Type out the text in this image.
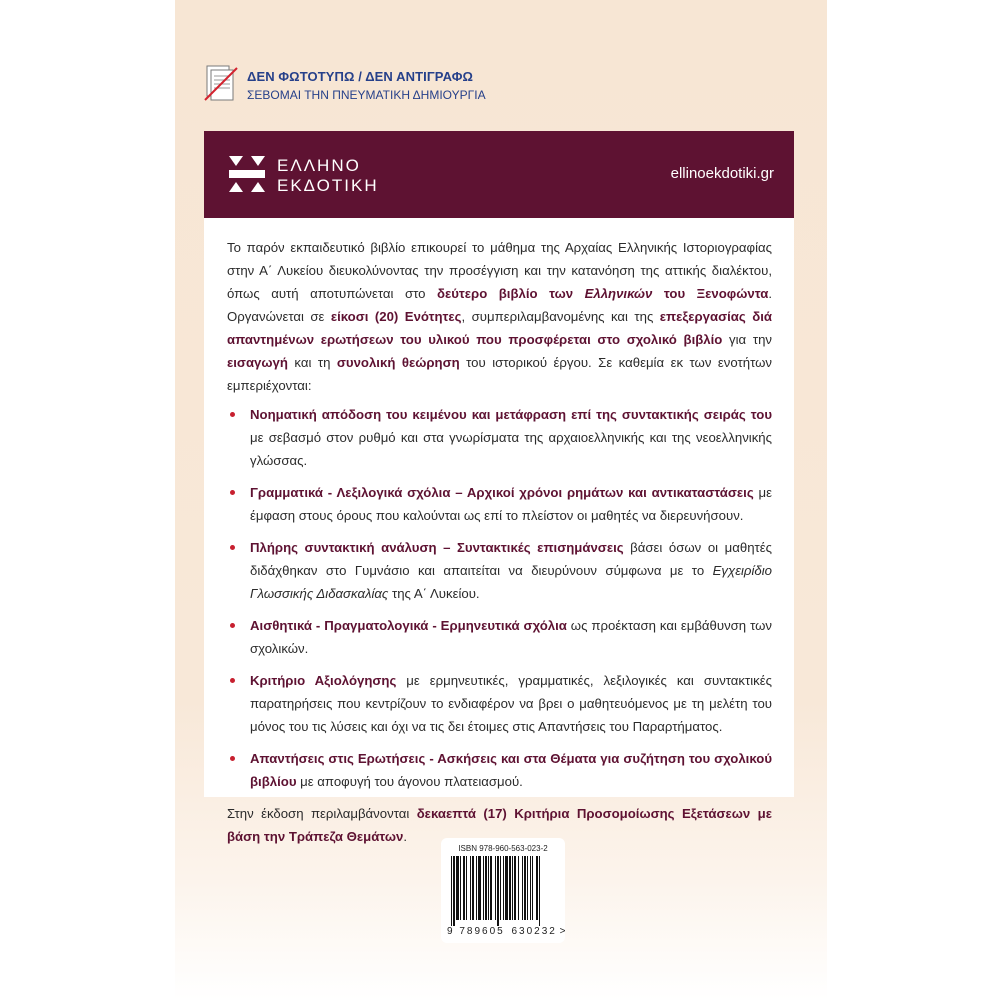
ΔΕΝ ΦΩΤΟΤΥΠΩ / ΔΕΝ ΑΝΤΙΓΡΑΦΩ
ΣΕΒΟΜΑΙ ΤΗΝ ΠΝΕΥΜΑΤΙΚΗ ΔΗΜΙΟΥΡΓΙΑ
ΕΛΛΗΝΟ
ΕΚΔΟΤΙΚΗ
ellinoekdotiki.gr

Το παρόν εκπαιδευτικό βιβλίο επικουρεί το μάθημα της Αρχαίας Ελληνικής Ιστοριογραφίας στην Α΄ Λυκείου διευκολύνοντας την προσέγγιση και την κατανόηση της αττικής διαλέκτου, όπως αυτή αποτυπώνεται στο δεύτερο βιβλίο των Ελληνικών του Ξενοφώντα. Οργανώνεται σε είκοσι (20) Ενότητες, συμπεριλαμβανομένης και της επεξεργασίας διά απαντημένων ερωτήσεων του υλικού που προσφέρεται στο σχολικό βιβλίο για την εισαγωγή και τη συνολική θεώρηση του ιστορικού έργου. Σε καθεμία εκ των ενοτήτων εμπεριέχονται:

Νοηματική απόδοση του κειμένου και μετάφραση επί της συντακτικής σειράς του με σεβασμό στον ρυθμό και στα γνωρίσματα της αρχαιοελληνικής και της νεοελληνικής γλώσσας.
Γραμματικά - Λεξιλογικά σχόλια – Αρχικοί χρόνοι ρημάτων και αντικαταστάσεις με έμφαση στους όρους που καλούνται ως επί το πλείστον οι μαθητές να διερευνήσουν.
Πλήρης συντακτική ανάλυση – Συντακτικές επισημάνσεις βάσει όσων οι μαθητές διδάχθηκαν στο Γυμνάσιο και απαιτείται να διευρύνουν σύμφωνα με το Εγχειρίδιο Γλωσσικής Διδασκαλίας της Α΄ Λυκείου.
Αισθητικά - Πραγματολογικά - Ερμηνευτικά σχόλια ως προέκταση και εμβάθυνση των σχολικών.
Κριτήριο Αξιολόγησης με ερμηνευτικές, γραμματικές, λεξιλογικές και συντακτικές παρατηρήσεις που κεντρίζουν το ενδιαφέρον να βρει ο μαθητευόμενος με τη μελέτη του μόνος του τις λύσεις και όχι να τις δει έτοιμες στις Απαντήσεις του Παραρτήματος.
Απαντήσεις στις Ερωτήσεις - Ασκήσεις και στα Θέματα για συζήτηση του σχολικού βιβλίου με αποφυγή του άγονου πλατειασμού.

Στην έκδοση περιλαμβάνονται δεκαεπτά (17) Κριτήρια Προσομοίωσης Εξετάσεων με βάση την Τράπεζα Θεμάτων.

ISBN 978-960-563-023-2
9 789605 630232 >
